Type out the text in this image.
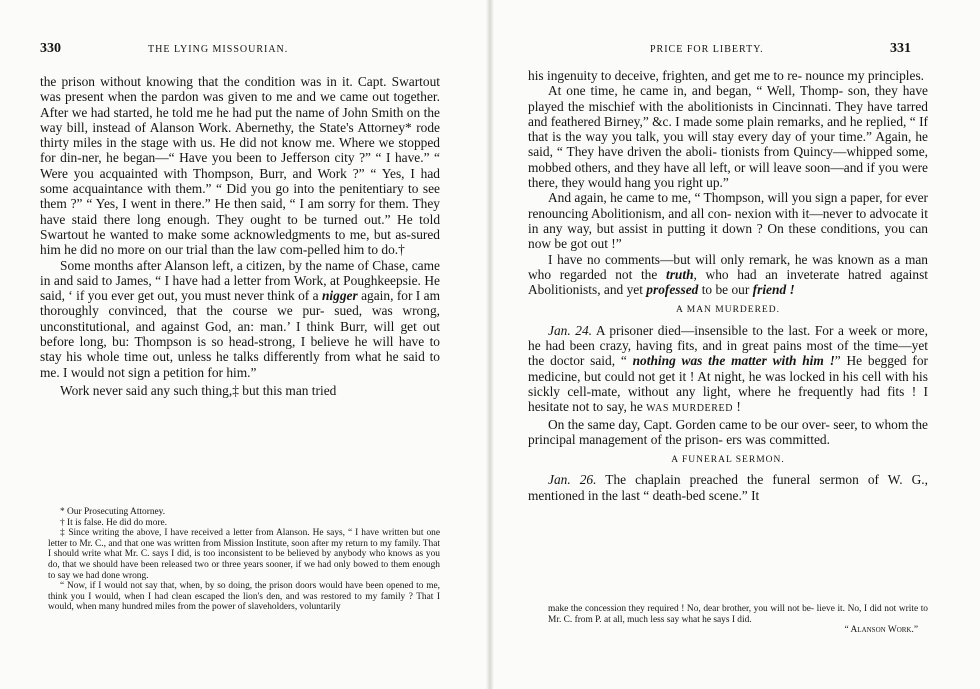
330	THE LYING MISSOURIAN.

the prison without knowing that the condition was in it. Capt. Swartout was present when the pardon was given to me and we came out together. After we had started, he told me he had put the name of John Smith on the way bill, instead of Alanson Work. Abernethy, the State's Attorney* rode thirty miles in the stage with us. He did not know me. Where we stopped for din-ner, he began—“ Have you been to Jefferson city ?” “ I have.” “ Were you acquainted with Thompson, Burr, and Work ?” “ Yes, I had some acquaintance with them.” “ Did you go into the penitentiary to see them ?” “ Yes, I went in there.” He then said, “ I am sorry for them. They have staid there long enough. They ought to be turned out.” He told Swartout he wanted to make some acknowledgments to me, but as-sured him he did no more on our trial than the law com-pelled him to do.†

Some months after Alanson left, a citizen, by the name of Chase, came in and said to James, “ I have had a letter from Work, at Poughkeepsie. He said, ‘ if you ever get out, you must never think of a nigger again, for I am thoroughly convinced, that the course we pur- sued, was wrong, unconstitutional, and against God, an: man.’ I think Burr, will get out before long, bu: Thompson is so head-strong, I believe he will have to stay his whole time out, unless he talks differently from what he said to me. I would not sign a petition for him.”

Work never said any such thing,‡ but this man tried

* Our Prosecuting Attorney.

† It is false. He did do more.

‡ Since writing the above, I have received a letter from Alanson. He says, “ I have written but one letter to Mr. C., and that one was written from Mission Institute, soon after my return to my family. That I should write what Mr. C. says I did, is too inconsistent to be believed by anybody who knows as you do, that we should have been released two or three years sooner, if we had only bowed to them enough to say we had done wrong.

“ Now, if I would not say that, when, by so doing, the prison doors would have been opened to me, think you I would, when I had clean escaped the lion's den, and was restored to my family ? That I would, when many hundred miles from the power of slaveholders, voluntarily

PRICE FOR LIBERTY.	331

his ingenuity to deceive, frighten, and get me to re- nounce my principles.

At one time, he came in, and began, “ Well, Thomp- son, they have played the mischief with the abolitionists in Cincinnati. They have tarred and feathered Birney,” &c. I made some plain remarks, and he replied, “ If that is the way you talk, you will stay every day of your time.” Again, he said, “ They have driven the aboli- tionists from Quincy—whipped some, mobbed others, and they have all left, or will leave soon—and if you were there, they would hang you right up.”

And again, he came to me, “ Thompson, will you sign a paper, for ever renouncing Abolitionism, and all con- nexion with it—never to advocate it in any way, but assist in putting it down ? On these conditions, you can now be got out !”

I have no comments—but will only remark, he was known as a man who regarded not the truth, who had an inveterate hatred against Abolitionists, and yet professed to be our friend !

A MAN MURDERED.

Jan. 24. A prisoner died—insensible to the last. For a week or more, he had been crazy, having fits, and in great pains most of the time—yet the doctor said, “ nothing was the matter with him !” He begged for medicine, but could not get it ! At night, he was locked in his cell with his sickly cell-mate, without any light, where he frequently had fits ! I hesitate not to say, he WAS MURDERED !

On the same day, Capt. Gorden came to be our over- seer, to whom the principal management of the prison- ers was committed.

A FUNERAL SERMON.

Jan. 26. The chaplain preached the funeral sermon of W. G., mentioned in the last “ death-bed scene.” It

make the concession they required ! No, dear brother, you will not be- lieve it. No, I did not write to Mr. C. from P. at all, much less say what he says I did.

“ Alanson Work.”
